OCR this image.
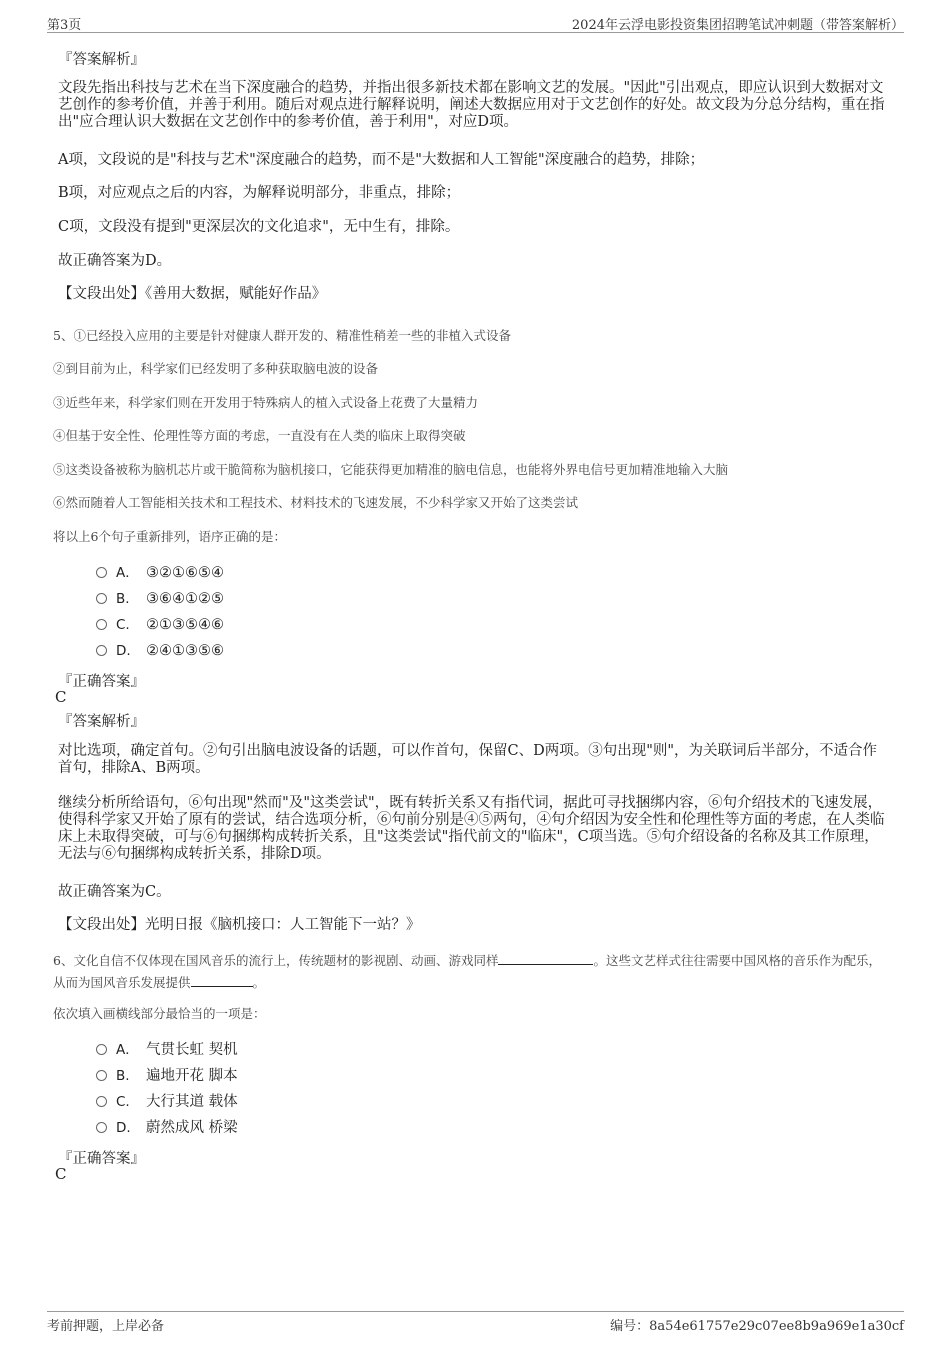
第3页	2024年云浮电影投资集团招聘笔试冲刺题（带答案解析）
『答案解析』
文段先指出科技与艺术在当下深度融合的趋势，并指出很多新技术都在影响文艺的发展。"因此"引出观点，即应认识到大数据对文艺创作的参考价值，并善于利用。随后对观点进行解释说明，阐述大数据应用对于文艺创作的好处。故文段为分总分结构，重在指出"应合理认识大数据在文艺创作中的参考价值，善于利用"，对应D项。
A项，文段说的是"科技与艺术"深度融合的趋势，而不是"大数据和人工智能"深度融合的趋势，排除；
B项，对应观点之后的内容，为解释说明部分，非重点，排除；
C项，文段没有提到"更深层次的文化追求"，无中生有，排除。
故正确答案为D。
【文段出处】《善用大数据，赋能好作品》
5、①已经投入应用的主要是针对健康人群开发的、精准性稍差一些的非植入式设备
②到目前为止，科学家们已经发明了多种获取脑电波的设备
③近些年来，科学家们则在开发用于特殊病人的植入式设备上花费了大量精力
④但基于安全性、伦理性等方面的考虑，一直没有在人类的临床上取得突破
⑤这类设备被称为脑机芯片或干脆简称为脑机接口，它能获得更加精准的脑电信息，也能将外界电信号更加精准地输入大脑
⑥然而随着人工智能相关技术和工程技术、材料技术的飞速发展，不少科学家又开始了这类尝试
将以上6个句子重新排列，语序正确的是：
A． ③②①⑥⑤④
B. ③⑥④①②⑤
C. ②①③⑤④⑥
D. ②④①③⑤⑥
『正确答案』
C
『答案解析』
对比选项，确定首句。②句引出脑电波设备的话题，可以作首句，保留C、D两项。③句出现"则"，为关联词后半部分，不适合作首句，排除A、B两项。
继续分析所给语句，⑥句出现"然而"及"这类尝试"，既有转折关系又有指代词，据此可寻找捆绑内容，⑥句介绍技术的飞速发展，使得科学家又开始了原有的尝试，结合选项分析，⑥句前分别是④⑤两句，④句介绍因为安全性和伦理性等方面的考虑，在人类临床上未取得突破，可与⑥句捆绑构成转折关系，且"这类尝试"指代前文的"临床"，C项当选。⑤句介绍设备的名称及其工作原理，无法与⑥句捆绑构成转折关系，排除D项。
故正确答案为C。
【文段出处】光明日报《脑机接口：人工智能下一站？》
6、文化自信不仅体现在国风音乐的流行上，传统题材的影视剧、动画、游戏同样	。这些文艺样式往往需要中国风格的音乐作为配乐，从而为国风音乐发展提供	。
依次填入画横线部分最恰当的一项是：
A． 气贯长虹 契机
B. 遍地开花 脚本
C. 大行其道 载体
D. 蔚然成风 桥梁
『正确答案』
C
考前押题，上岸必备	编号：8a54e61757e29c07ee8b9a969e1a30cf
